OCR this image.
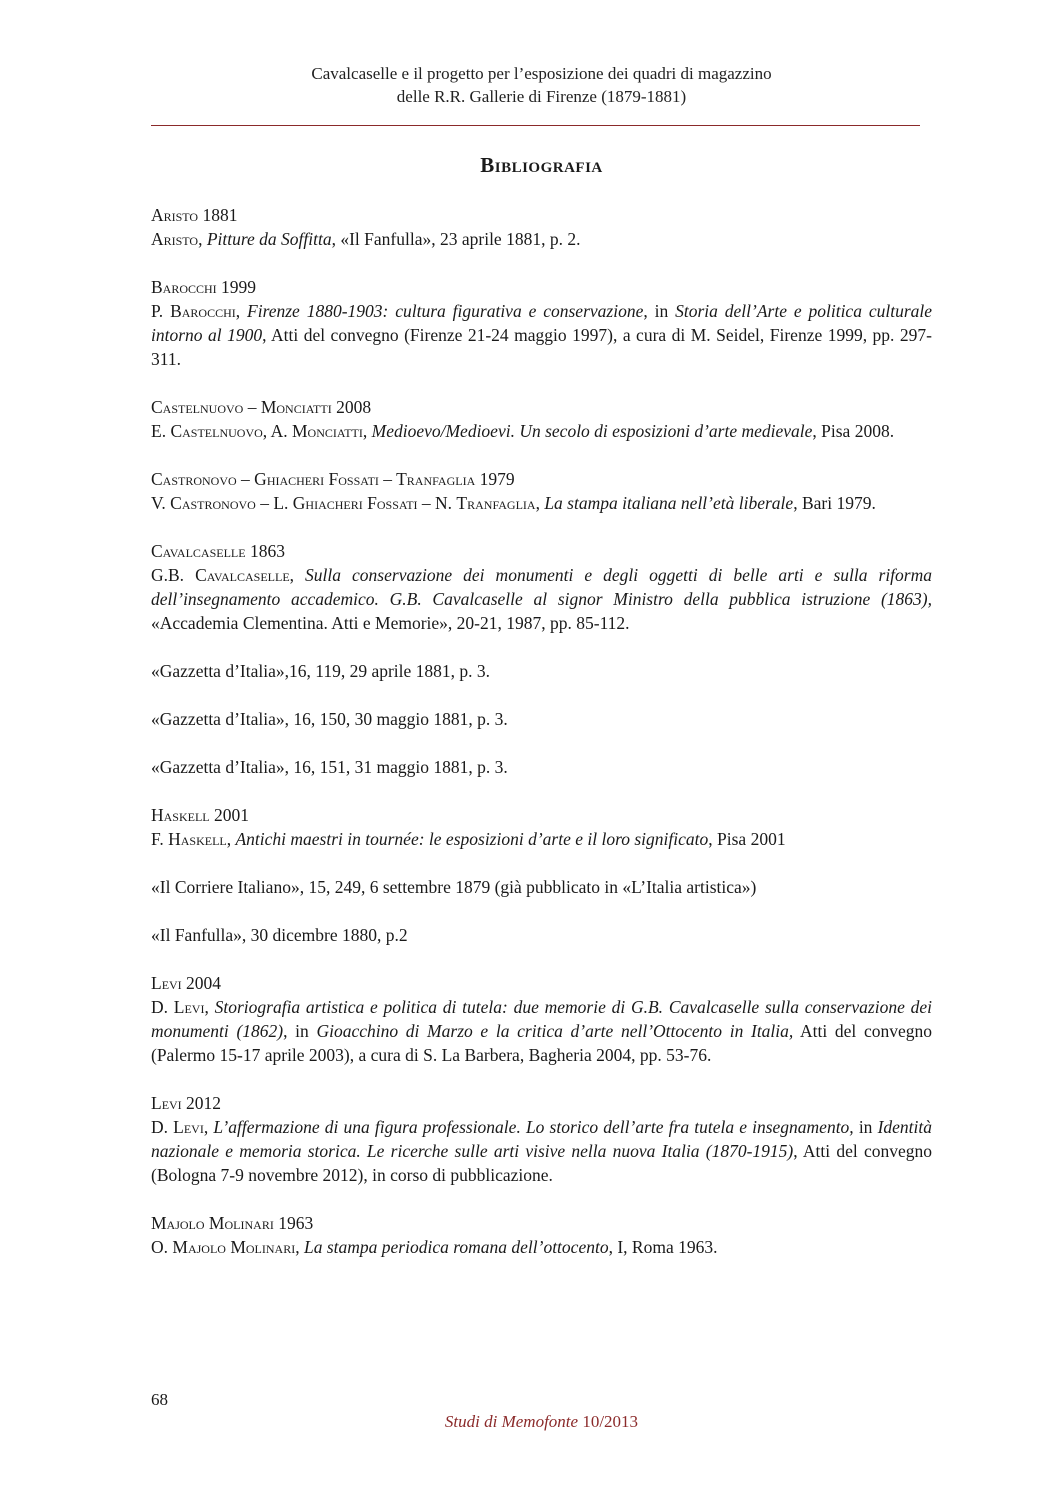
Cavalcaselle e il progetto per l’esposizione dei quadri di magazzino
delle R.R. Gallerie di Firenze (1879-1881)
Bibliografia

Aristo 1881

Aristo, Pitture da Soffitta, «Il Fanfulla», 23 aprile 1881, p. 2.

Barocchi 1999

P. Barocchi, Firenze 1880-1903: cultura figurativa e conservazione, in Storia dell’Arte e politica culturale intorno al 1900, Atti del convegno (Firenze 21-24 maggio 1997), a cura di M. Seidel, Firenze 1999, pp. 297-311.

Castelnuovo – Monciatti 2008

E. Castelnuovo, A. Monciatti, Medioevo/Medioevi. Un secolo di esposizioni d’arte medievale, Pisa 2008.

Castronovo – Ghiacheri Fossati – Tranfaglia 1979

V. Castronovo – L. Ghiacheri Fossati – N. Tranfaglia, La stampa italiana nell’età liberale, Bari 1979.

Cavalcaselle 1863

G.B. Cavalcaselle, Sulla conservazione dei monumenti e degli oggetti di belle arti e sulla riforma dell’insegnamento accademico. G.B. Cavalcaselle al signor Ministro della pubblica istruzione (1863), «Accademia Clementina. Atti e Memorie», 20-21, 1987, pp. 85-112.

«Gazzetta d’Italia»,16, 119, 29 aprile 1881, p. 3.

«Gazzetta d’Italia», 16, 150, 30 maggio 1881, p. 3.

«Gazzetta d’Italia», 16, 151, 31 maggio 1881, p. 3.

Haskell 2001

F. Haskell, Antichi maestri in tournée: le esposizioni d’arte e il loro significato, Pisa 2001

«Il Corriere Italiano», 15, 249, 6 settembre 1879 (già pubblicato in «L’Italia artistica»)

«Il Fanfulla», 30 dicembre 1880, p.2

Levi 2004

D. Levi, Storiografia artistica e politica di tutela: due memorie di G.B. Cavalcaselle sulla conservazione dei monumenti (1862), in Gioacchino di Marzo e la critica d’arte nell’Ottocento in Italia, Atti del convegno (Palermo 15-17 aprile 2003), a cura di S. La Barbera, Bagheria 2004, pp. 53-76.

Levi 2012

D. Levi, L’affermazione di una figura professionale. Lo storico dell’arte fra tutela e insegnamento, in Identità nazionale e memoria storica. Le ricerche sulle arti visive nella nuova Italia (1870-1915), Atti del convegno (Bologna 7-9 novembre 2012), in corso di pubblicazione.

Majolo Molinari 1963

O. Majolo Molinari, La stampa periodica romana dell’ottocento, I, Roma 1963.

68
Studi di Memofonte 10/2013
